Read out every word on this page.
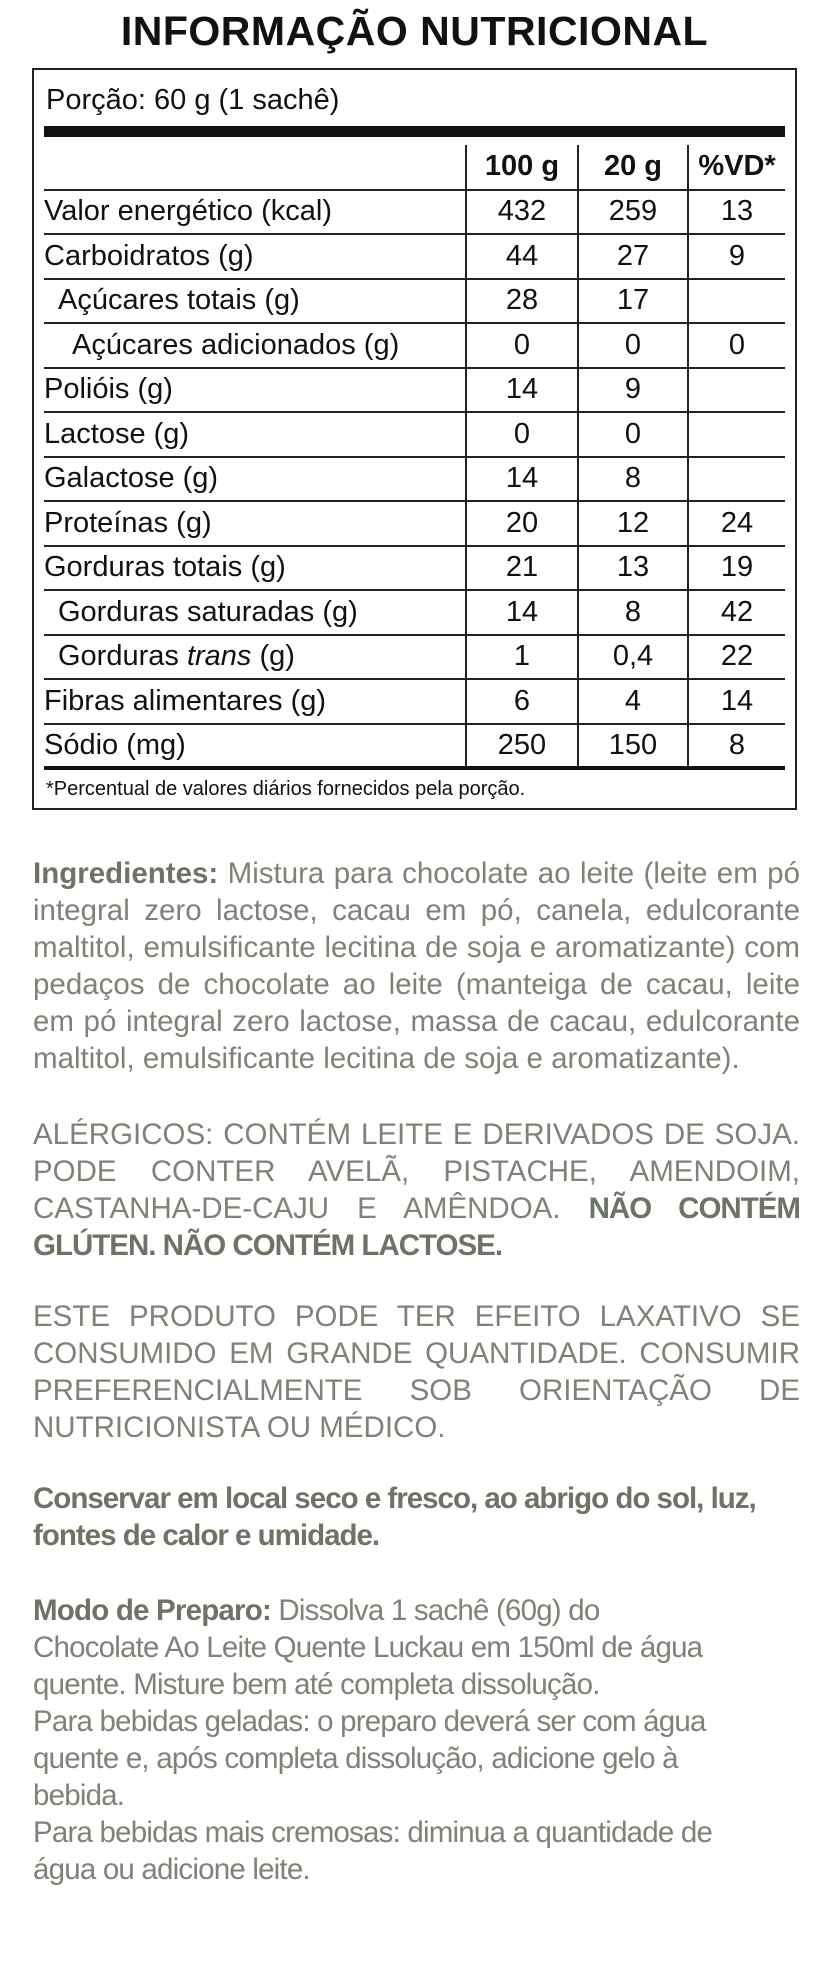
INFORMAÇÃO NUTRICIONAL
Porção: 60 g (1 sachê)
	100 g	20 g	%VD*
Valor energético (kcal)	432	259	13
Carboidratos (g)	44	27	9
Açúcares totais (g)	28	17	
Açúcares adicionados (g)	0	0	0
Polióis (g)	14	9	
Lactose (g)	0	0	
Galactose (g)	14	8	
Proteínas (g)	20	12	24
Gorduras totais (g)	21	13	19
Gorduras saturadas (g)	14	8	42
Gorduras trans (g)	1	0,4	22
Fibras alimentares (g)	6	4	14
Sódio (mg)	250	150	8
*Percentual de valores diários fornecidos pela porção.
Ingredientes: Mistura para chocolate ao leite (leite em pó integral zero lactose, cacau em pó, canela, edulcorante maltitol, emulsificante lecitina de soja e aromatizante) com pedaços de chocolate ao leite (manteiga de cacau, leite em pó integral zero lactose, massa de cacau, edulcorante maltitol, emulsificante lecitina de soja e aromatizante).
ALÉRGICOS: CONTÉM LEITE E DERIVADOS DE SOJA. PODE CONTER AVELÃ, PISTACHE, AMENDOIM, CASTANHA-DE-CAJU E AMÊNDOA. NÃO CONTÉM GLÚTEN. NÃO CONTÉM LACTOSE.
ESTE PRODUTO PODE TER EFEITO LAXATIVO SE CONSUMIDO EM GRANDE QUANTIDADE. CONSUMIR PREFERENCIALMENTE SOB ORIENTAÇÃO DE NUTRICIONISTA OU MÉDICO.
Conservar em local seco e fresco, ao abrigo do sol, luz, fontes de calor e umidade.
Modo de Preparo: Dissolva 1 sachê (60g) do
Chocolate Ao Leite Quente Luckau em 150ml de água
quente. Misture bem até completa dissolução.
Para bebidas geladas: o preparo deverá ser com água
quente e, após completa dissolução, adicione gelo à
bebida.
Para bebidas mais cremosas: diminua a quantidade de
água ou adicione leite.
